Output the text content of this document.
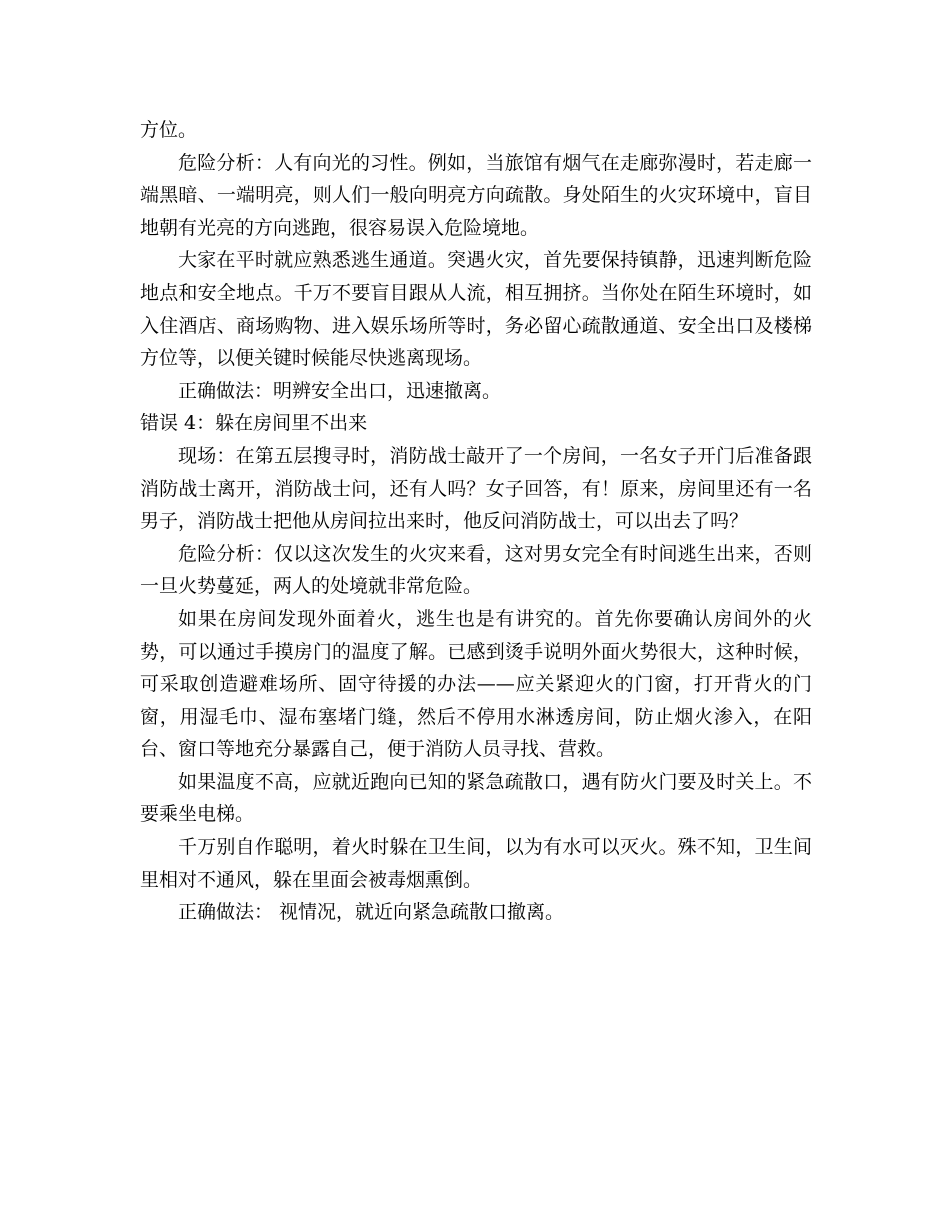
方位。

危险分析：人有向光的习性。例如，当旅馆有烟气在走廊弥漫时，若走廊一端黑暗、一端明亮，则人们一般向明亮方向疏散。身处陌生的火灾环境中，盲目地朝有光亮的方向逃跑，很容易误入危险境地。

大家在平时就应熟悉逃生通道。突遇火灾，首先要保持镇静，迅速判断危险地点和安全地点。千万不要盲目跟从人流，相互拥挤。当你处在陌生环境时，如入住酒店、商场购物、进入娱乐场所等时，务必留心疏散通道、安全出口及楼梯方位等，以便关键时候能尽快逃离现场。

正确做法：明辨安全出口，迅速撤离。

错误 4：躲在房间里不出来

现场：在第五层搜寻时，消防战士敲开了一个房间，一名女子开门后准备跟消防战士离开，消防战士问，还有人吗？女子回答，有！原来，房间里还有一名男子，消防战士把他从房间拉出来时，他反问消防战士，可以出去了吗？

危险分析：仅以这次发生的火灾来看，这对男女完全有时间逃生出来，否则一旦火势蔓延，两人的处境就非常危险。

如果在房间发现外面着火，逃生也是有讲究的。首先你要确认房间外的火势，可以通过手摸房门的温度了解。已感到烫手说明外面火势很大，这种时候，可采取创造避难场所、固守待援的办法——应关紧迎火的门窗，打开背火的门窗，用湿毛巾、湿布塞堵门缝，然后不停用水淋透房间，防止烟火渗入，在阳台、窗口等地充分暴露自己，便于消防人员寻找、营救。

如果温度不高，应就近跑向已知的紧急疏散口，遇有防火门要及时关上。不要乘坐电梯。

千万别自作聪明，着火时躲在卫生间，以为有水可以灭火。殊不知，卫生间里相对不通风，躲在里面会被毒烟熏倒。

正确做法： 视情况，就近向紧急疏散口撤离。
